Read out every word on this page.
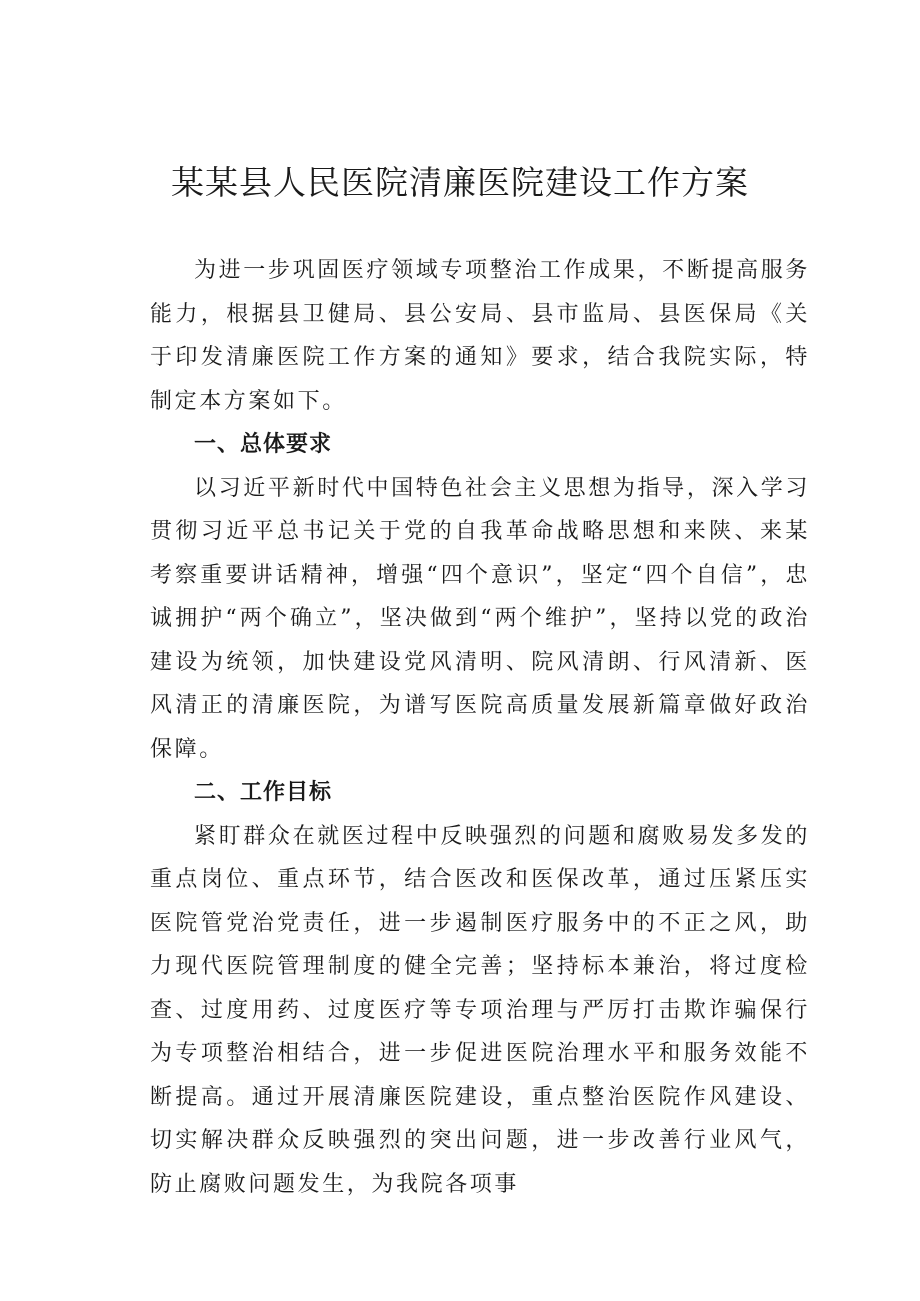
某某县人民医院清廉医院建设工作方案

为进一步巩固医疗领域专项整治工作成果，不断提高服务能力，根据县卫健局、县公安局、县市监局、县医保局《关于印发清廉医院工作方案的通知》要求，结合我院实际，特制定本方案如下。

一、总体要求

以习近平新时代中国特色社会主义思想为指导，深入学习贯彻习近平总书记关于党的自我革命战略思想和来陕、来某考察重要讲话精神，增强“四个意识”，坚定“四个自信”，忠诚拥护“两个确立”，坚决做到“两个维护”，坚持以党的政治建设为统领，加快建设党风清明、院风清朗、行风清新、医风清正的清廉医院，为谱写医院高质量发展新篇章做好政治保障。

二、工作目标

紧盯群众在就医过程中反映强烈的问题和腐败易发多发的重点岗位、重点环节，结合医改和医保改革，通过压紧压实医院管党治党责任，进一步遏制医疗服务中的不正之风，助力现代医院管理制度的健全完善；坚持标本兼治，将过度检查、过度用药、过度医疗等专项治理与严厉打击欺诈骗保行为专项整治相结合，进一步促进医院治理水平和服务效能不断提高。通过开展清廉医院建设，重点整治医院作风建设、切实解决群众反映强烈的突出问题，进一步改善行业风气，防止腐败问题发生，为我院各项事
